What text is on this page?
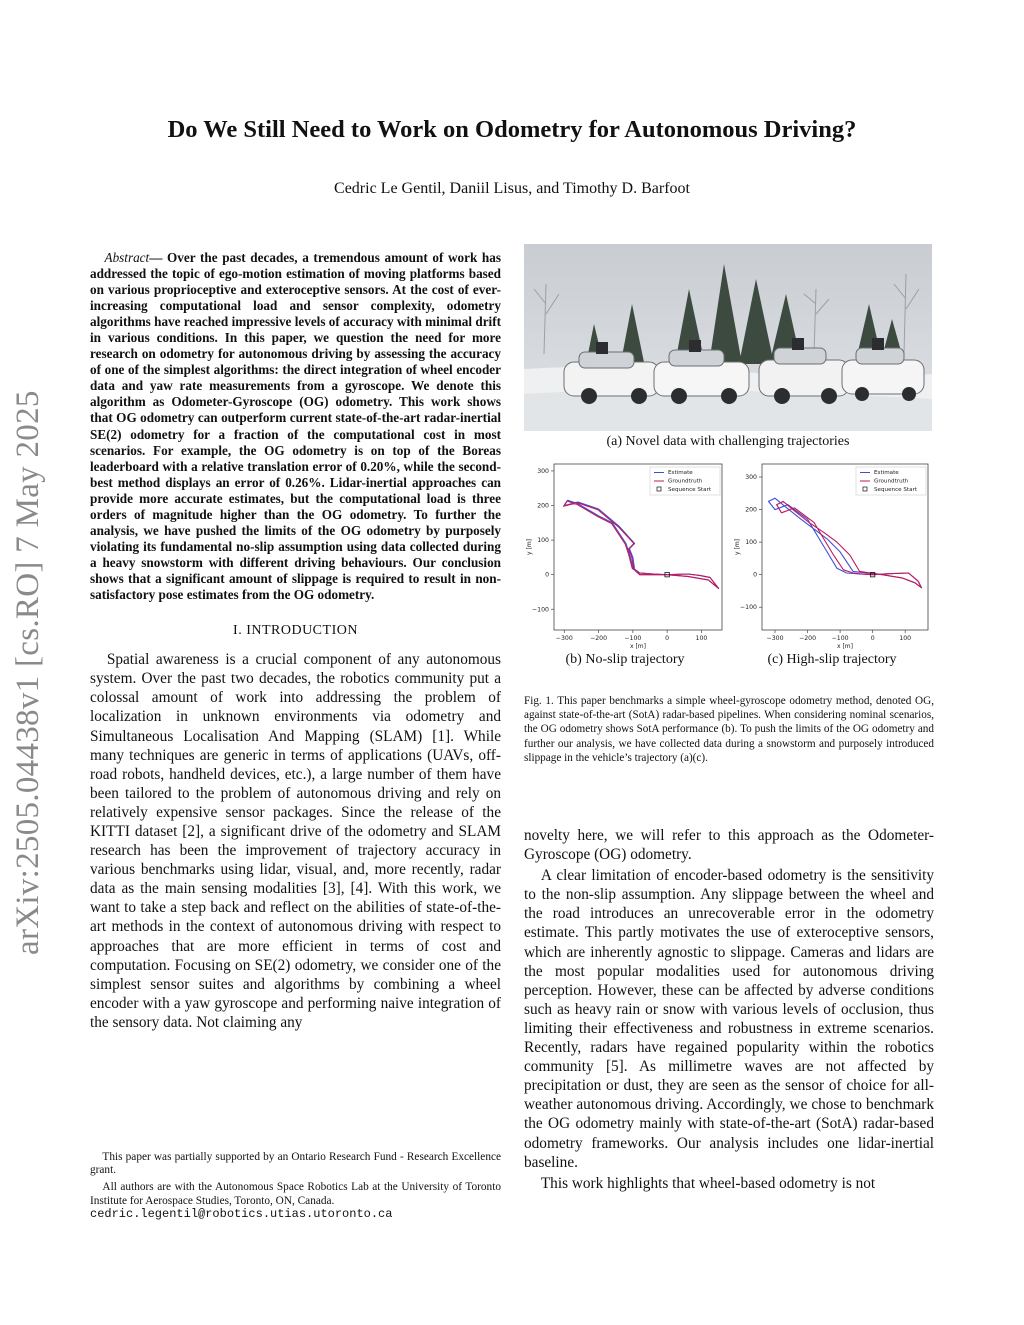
arXiv:2505.04438v1 [cs.RO] 7 May 2025
Do We Still Need to Work on Odometry for Autonomous Driving?
Cedric Le Gentil, Daniil Lisus, and Timothy D. Barfoot

Abstract— Over the past decades, a tremendous amount of work has addressed the topic of ego-motion estimation of moving platforms based on various proprioceptive and exteroceptive sensors. At the cost of ever-increasing computational load and sensor complexity, odometry algorithms have reached impressive levels of accuracy with minimal drift in various conditions. In this paper, we question the need for more research on odometry for autonomous driving by assessing the accuracy of one of the simplest algorithms: the direct integration of wheel encoder data and yaw rate measurements from a gyroscope. We denote this algorithm as Odometer-Gyroscope (OG) odometry. This work shows that OG odometry can outperform current state-of-the-art radar-inertial SE(2) odometry for a fraction of the computational cost in most scenarios. For example, the OG odometry is on top of the Boreas leaderboard with a relative translation error of 0.20%, while the second-best method displays an error of 0.26%. Lidar-inertial approaches can provide more accurate estimates, but the computational load is three orders of magnitude higher than the OG odometry. To further the analysis, we have pushed the limits of the OG odometry by purposely violating its fundamental no-slip assumption using data collected during a heavy snowstorm with different driving behaviours. Our conclusion shows that a significant amount of slippage is required to result in non-satisfactory pose estimates from the OG odometry.

I. INTRODUCTION

Spatial awareness is a crucial component of any autonomous system. Over the past two decades, the robotics community put a colossal amount of work into addressing the problem of localization in unknown environments via odometry and Simultaneous Localisation And Mapping (SLAM) [1]. While many techniques are generic in terms of applications (UAVs, off-road robots, handheld devices, etc.), a large number of them have been tailored to the problem of autonomous driving and rely on relatively expensive sensor packages. Since the release of the KITTI dataset [2], a significant drive of the odometry and SLAM research has been the improvement of trajectory accuracy in various benchmarks using lidar, visual, and, more recently, radar data as the main sensing modalities [3], [4]. With this work, we want to take a step back and reflect on the abilities of state-of-the-art methods in the context of autonomous driving with respect to approaches that are more efficient in terms of cost and computation. Focusing on SE(2) odometry, we consider one of the simplest sensor suites and algorithms by combining a wheel encoder with a yaw gyroscope and performing naive integration of the sensory data. Not claiming any

This paper was partially supported by an Ontario Research Fund - Research Excellence grant.

All authors are with the Autonomous Space Robotics Lab at the University of Toronto Institute for Aerospace Studies, Toronto, ON, Canada.
cedric.legentil@robotics.utias.utoronto.ca

(a) Novel data with challenging trajectories
−300	−200	−100	0	100
300
200
100
0
−100
x [m]
y [m]
Estimate
Groundtruth
Sequence Start
−300	−200	−100	0	100
300
200
100
0
−100
x [m]
y [m]
Estimate
Groundtruth
Sequence Start
(b) No-slip trajectory	(c) High-slip trajectory
Fig. 1. This paper benchmarks a simple wheel-gyroscope odometry method, denoted OG, against state-of-the-art (SotA) radar-based pipelines. When considering nominal scenarios, the OG odometry shows SotA performance (b). To push the limits of the OG odometry and further our analysis, we have collected data during a snowstorm and purposely introduced slippage in the vehicle’s trajectory (a)(c).

novelty here, we will refer to this approach as the Odometer-Gyroscope (OG) odometry.

A clear limitation of encoder-based odometry is the sensitivity to the non-slip assumption. Any slippage between the wheel and the road introduces an unrecoverable error in the odometry estimate. This partly motivates the use of exteroceptive sensors, which are inherently agnostic to slippage. Cameras and lidars are the most popular modalities used for autonomous driving perception. However, these can be affected by adverse conditions such as heavy rain or snow with various levels of occlusion, thus limiting their effectiveness and robustness in extreme scenarios. Recently, radars have regained popularity within the robotics community [5]. As millimetre waves are not affected by precipitation or dust, they are seen as the sensor of choice for all-weather autonomous driving. Accordingly, we chose to benchmark the OG odometry mainly with state-of-the-art (SotA) radar-based odometry frameworks. Our analysis includes one lidar-inertial baseline.

This work highlights that wheel-based odometry is not
